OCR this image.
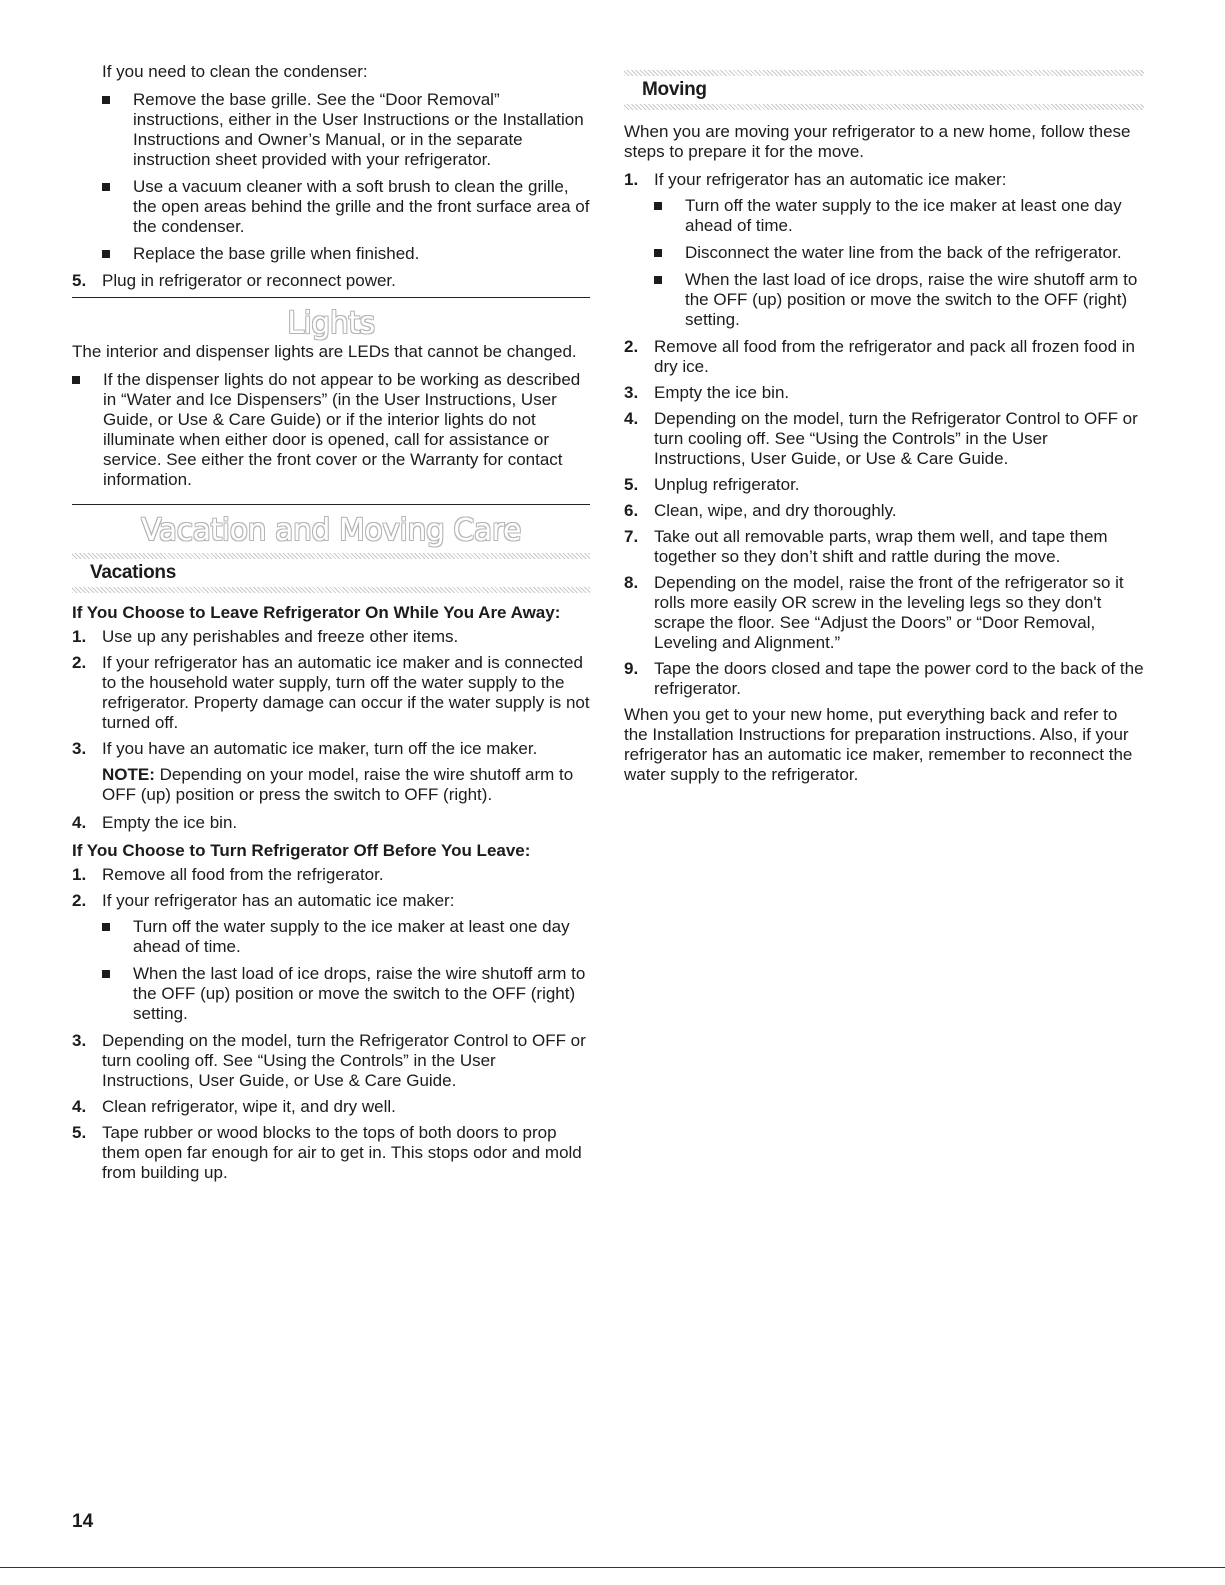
If you need to clean the condenser:

Remove the base grille. See the “Door Removal” instructions, either in the User Instructions or the Installation Instructions and Owner’s Manual, or in the separate instruction sheet provided with your refrigerator.
Use a vacuum cleaner with a soft brush to clean the grille, the open areas behind the grille and the front surface area of the condenser.
Replace the base grille when finished.
5. Plug in refrigerator or reconnect power.
Lights

The interior and dispenser lights are LEDs that cannot be changed.

If the dispenser lights do not appear to be working as described in “Water and Ice Dispensers” (in the User Instructions, User Guide, or Use & Care Guide) or if the interior lights do not illuminate when either door is opened, call for assistance or service. See either the front cover or the Warranty for contact information.
Vacation and Moving Care
Vacations
If You Choose to Leave Refrigerator On While You Are Away:
1. Use up any perishables and freeze other items.
2. If your refrigerator has an automatic ice maker and is connected to the household water supply, turn off the water supply to the refrigerator. Property damage can occur if the water supply is not turned off.
3. If you have an automatic ice maker, turn off the ice maker.

NOTE: Depending on your model, raise the wire shutoff arm to OFF (up) position or press the switch to OFF (right).

4. Empty the ice bin.
If You Choose to Turn Refrigerator Off Before You Leave:
1. Remove all food from the refrigerator.
2. If your refrigerator has an automatic ice maker:
Turn off the water supply to the ice maker at least one day ahead of time.
When the last load of ice drops, raise the wire shutoff arm to the OFF (up) position or move the switch to the OFF (right) setting.
3. Depending on the model, turn the Refrigerator Control to OFF or turn cooling off. See “Using the Controls” in the User Instructions, User Guide, or Use & Care Guide.
4. Clean refrigerator, wipe it, and dry well.
5. Tape rubber or wood blocks to the tops of both doors to prop them open far enough for air to get in. This stops odor and mold from building up.
Moving

When you are moving your refrigerator to a new home, follow these steps to prepare it for the move.

1. If your refrigerator has an automatic ice maker:
Turn off the water supply to the ice maker at least one day ahead of time.
Disconnect the water line from the back of the refrigerator.
When the last load of ice drops, raise the wire shutoff arm to the OFF (up) position or move the switch to the OFF (right) setting.
2. Remove all food from the refrigerator and pack all frozen food in dry ice.
3. Empty the ice bin.
4. Depending on the model, turn the Refrigerator Control to OFF or turn cooling off. See “Using the Controls” in the User Instructions, User Guide, or Use & Care Guide.
5. Unplug refrigerator.
6. Clean, wipe, and dry thoroughly.
7. Take out all removable parts, wrap them well, and tape them together so they don’t shift and rattle during the move.
8. Depending on the model, raise the front of the refrigerator so it rolls more easily OR screw in the leveling legs so they don't scrape the floor. See “Adjust the Doors” or “Door Removal, Leveling and Alignment.”
9. Tape the doors closed and tape the power cord to the back of the refrigerator.

When you get to your new home, put everything back and refer to the Installation Instructions for preparation instructions. Also, if your refrigerator has an automatic ice maker, remember to reconnect the water supply to the refrigerator.

14
